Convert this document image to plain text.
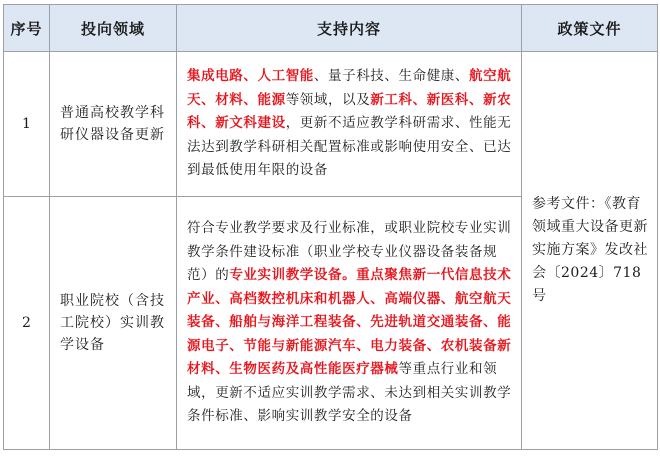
序号	投向领域	支持内容	政策文件
1	普通高校教学科研仪器设备更新	集成电路、人工智能、量子科技、生命健康、航空航天、材料、能源等领域，以及新工科、新医科、新农科、新文科建设，更新不适应教学科研需求、性能无法达到教学科研相关配置标准或影响使用安全、已达到最低使用年限的设备	参考文件：《教育领域重大设备更新实施方案》发改社会〔2024〕718号
2	职业院校（含技工院校）实训教学设备	符合专业教学要求及行业标准，或职业院校专业实训教学条件建设标准（职业学校专业仪器设备装备规范）的专业实训教学设备。重点聚焦新一代信息技术产业、高档数控机床和机器人、高端仪器、航空航天装备、船舶与海洋工程装备、先进轨道交通装备、能源电子、节能与新能源汽车、电力装备、农机装备新材料、生物医药及高性能医疗器械等重点行业和领域，更新不适应实训教学需求、未达到相关实训教学条件标准、影响实训教学安全的设备	
